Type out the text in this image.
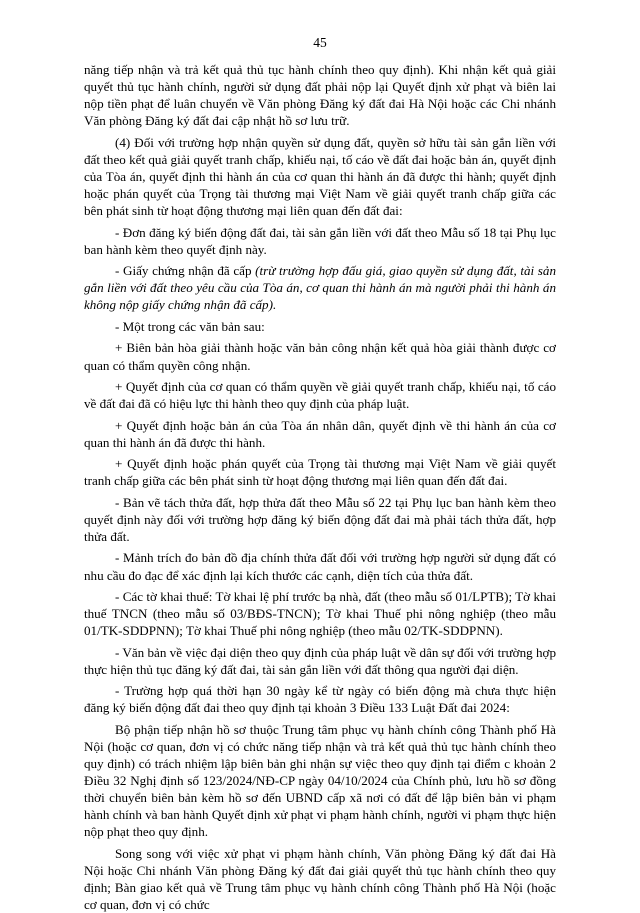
45

năng tiếp nhận và trả kết quả thủ tục hành chính theo quy định). Khi nhận kết quả giải quyết thủ tục hành chính, người sử dụng đất phải nộp lại Quyết định xử phạt và biên lai nộp tiền phạt để luân chuyển về Văn phòng Đăng ký đất đai Hà Nội hoặc các Chi nhánh Văn phòng Đăng ký đất đai cập nhật hồ sơ lưu trữ.

(4) Đối với trường hợp nhận quyền sử dụng đất, quyền sở hữu tài sản gắn liền với đất theo kết quả giải quyết tranh chấp, khiếu nại, tố cáo về đất đai hoặc bản án, quyết định của Tòa án, quyết định thi hành án của cơ quan thi hành án đã được thi hành; quyết định hoặc phán quyết của Trọng tài thương mại Việt Nam về giải quyết tranh chấp giữa các bên phát sinh từ hoạt động thương mại liên quan đến đất đai:

- Đơn đăng ký biến động đất đai, tài sản gắn liền với đất theo Mẫu số 18 tại Phụ lục ban hành kèm theo quyết định này.

- Giấy chứng nhận đã cấp (trừ trường hợp đấu giá, giao quyền sử dụng đất, tài sản gắn liền với đất theo yêu cầu của Tòa án, cơ quan thi hành án mà người phải thi hành án không nộp giấy chứng nhận đã cấp).

- Một trong các văn bản sau:

+ Biên bản hòa giải thành hoặc văn bản công nhận kết quả hòa giải thành được cơ quan có thẩm quyền công nhận.

+ Quyết định của cơ quan có thẩm quyền về giải quyết tranh chấp, khiếu nại, tố cáo về đất đai đã có hiệu lực thi hành theo quy định của pháp luật.

+ Quyết định hoặc bản án của Tòa án nhân dân, quyết định về thi hành án của cơ quan thi hành án đã được thi hành.

+ Quyết định hoặc phán quyết của Trọng tài thương mại Việt Nam về giải quyết tranh chấp giữa các bên phát sinh từ hoạt động thương mại liên quan đến đất đai.

- Bản vẽ tách thửa đất, hợp thửa đất theo Mẫu số 22 tại Phụ lục ban hành kèm theo quyết định này đối với trường hợp đăng ký biến động đất đai mà phải tách thửa đất, hợp thửa đất.

- Mảnh trích đo bản đồ địa chính thửa đất đối với trường hợp người sử dụng đất có nhu cầu đo đạc để xác định lại kích thước các cạnh, diện tích của thửa đất.

- Các tờ khai thuế: Tờ khai lệ phí trước bạ nhà, đất (theo mẫu số 01/LPTB); Tờ khai thuế TNCN (theo mẫu số 03/BĐS-TNCN); Tờ khai Thuế phi nông nghiệp (theo mẫu 01/TK-SDDPNN); Tờ khai Thuế phi nông nghiệp (theo mẫu 02/TK-SDDPNN).

- Văn bản về việc đại diện theo quy định của pháp luật về dân sự đối với trường hợp thực hiện thủ tục đăng ký đất đai, tài sản gắn liền với đất thông qua người đại diện.

- Trường hợp quá thời hạn 30 ngày kể từ ngày có biến động mà chưa thực hiện đăng ký biến động đất đai theo quy định tại khoản 3 Điều 133 Luật Đất đai 2024:

Bộ phận tiếp nhận hồ sơ thuộc Trung tâm phục vụ hành chính công Thành phố Hà Nội (hoặc cơ quan, đơn vị có chức năng tiếp nhận và trả kết quả thủ tục hành chính theo quy định) có trách nhiệm lập biên bản ghi nhận sự việc theo quy định tại điểm c khoản 2 Điều 32 Nghị định số 123/2024/NĐ-CP ngày 04/10/2024 của Chính phủ, lưu hồ sơ đồng thời chuyển biên bản kèm hồ sơ đến UBND cấp xã nơi có đất để lập biên bản vi phạm hành chính và ban hành Quyết định xử phạt vi phạm hành chính, người vi phạm thực hiện nộp phạt theo quy định.

Song song với việc xử phạt vi phạm hành chính, Văn phòng Đăng ký đất đai Hà Nội hoặc Chi nhánh Văn phòng Đăng ký đất đai giải quyết thủ tục hành chính theo quy định; Bàn giao kết quả về Trung tâm phục vụ hành chính công Thành phố Hà Nội (hoặc cơ quan, đơn vị có chức
